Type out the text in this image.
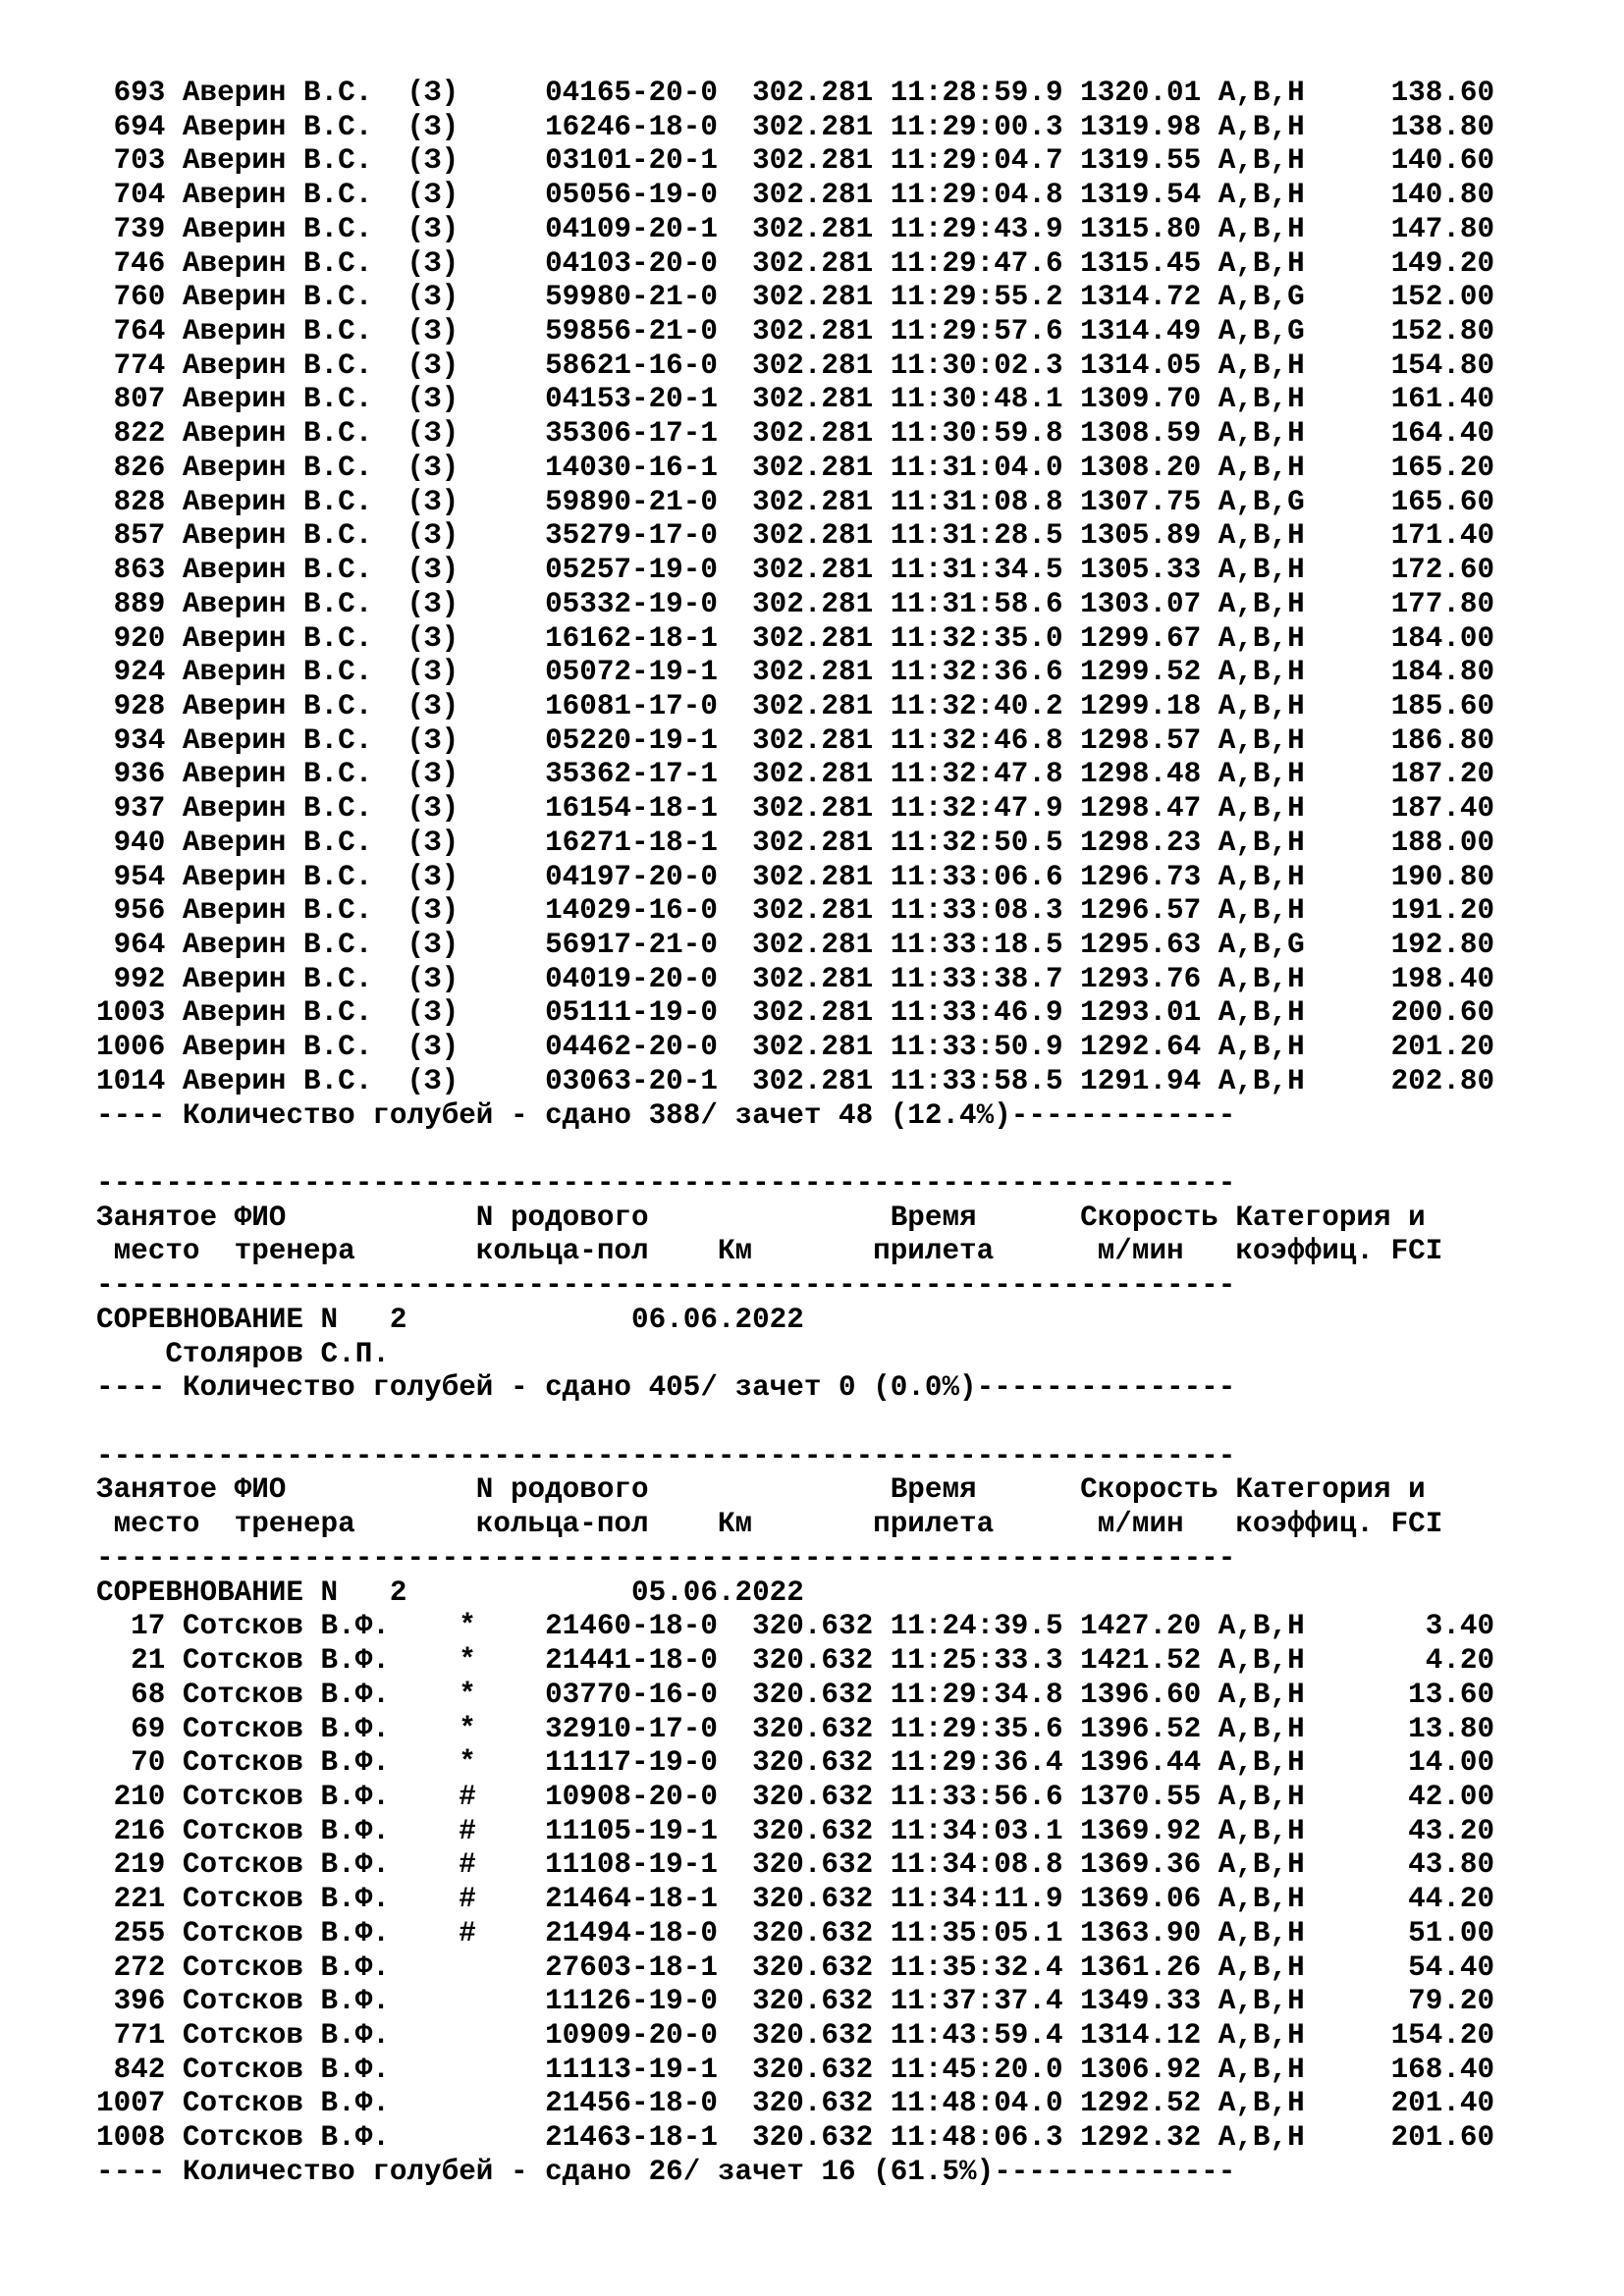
693 Аверин В.С.  (З)     04165-20-0  302.281 11:28:59.9 1320.01 A,B,H     138.60
694 Аверин В.С.  (З)     16246-18-0  302.281 11:29:00.3 1319.98 A,B,H     138.80
703 Аверин В.С.  (З)     03101-20-1  302.281 11:29:04.7 1319.55 A,B,H     140.60
704 Аверин В.С.  (З)     05056-19-0  302.281 11:29:04.8 1319.54 A,B,H     140.80
739 Аверин В.С.  (З)     04109-20-1  302.281 11:29:43.9 1315.80 A,B,H     147.80
746 Аверин В.С.  (З)     04103-20-0  302.281 11:29:47.6 1315.45 A,B,H     149.20
760 Аверин В.С.  (З)     59980-21-0  302.281 11:29:55.2 1314.72 A,B,G     152.00
764 Аверин В.С.  (З)     59856-21-0  302.281 11:29:57.6 1314.49 A,B,G     152.80
774 Аверин В.С.  (З)     58621-16-0  302.281 11:30:02.3 1314.05 A,B,H     154.80
807 Аверин В.С.  (З)     04153-20-1  302.281 11:30:48.1 1309.70 A,B,H     161.40
822 Аверин В.С.  (З)     35306-17-1  302.281 11:30:59.8 1308.59 A,B,H     164.40
826 Аверин В.С.  (З)     14030-16-1  302.281 11:31:04.0 1308.20 A,B,H     165.20
828 Аверин В.С.  (З)     59890-21-0  302.281 11:31:08.8 1307.75 A,B,G     165.60
857 Аверин В.С.  (З)     35279-17-0  302.281 11:31:28.5 1305.89 A,B,H     171.40
863 Аверин В.С.  (З)     05257-19-0  302.281 11:31:34.5 1305.33 A,B,H     172.60
889 Аверин В.С.  (З)     05332-19-0  302.281 11:31:58.6 1303.07 A,B,H     177.80
920 Аверин В.С.  (З)     16162-18-1  302.281 11:32:35.0 1299.67 A,B,H     184.00
924 Аверин В.С.  (З)     05072-19-1  302.281 11:32:36.6 1299.52 A,B,H     184.80
928 Аверин В.С.  (З)     16081-17-0  302.281 11:32:40.2 1299.18 A,B,H     185.60
934 Аверин В.С.  (З)     05220-19-1  302.281 11:32:46.8 1298.57 A,B,H     186.80
936 Аверин В.С.  (З)     35362-17-1  302.281 11:32:47.8 1298.48 A,B,H     187.20
937 Аверин В.С.  (З)     16154-18-1  302.281 11:32:47.9 1298.47 A,B,H     187.40
940 Аверин В.С.  (З)     16271-18-1  302.281 11:32:50.5 1298.23 A,B,H     188.00
954 Аверин В.С.  (З)     04197-20-0  302.281 11:33:06.6 1296.73 A,B,H     190.80
956 Аверин В.С.  (З)     14029-16-0  302.281 11:33:08.3 1296.57 A,B,H     191.20
964 Аверин В.С.  (З)     56917-21-0  302.281 11:33:18.5 1295.63 A,B,G     192.80
992 Аверин В.С.  (З)     04019-20-0  302.281 11:33:38.7 1293.76 A,B,H     198.40
1003 Аверин В.С.  (З)     05111-19-0  302.281 11:33:46.9 1293.01 A,B,H     200.60
1006 Аверин В.С.  (З)     04462-20-0  302.281 11:33:50.9 1292.64 A,B,H     201.20
1014 Аверин В.С.  (З)     03063-20-1  302.281 11:33:58.5 1291.94 A,B,H     202.80
---- Количество голубей - сдано 388/ зачет 48 (12.4%)-------------
------------------------------------------------------------------
Занятое ФИО           N родового              Время      Скорость Категория и
место  тренера       кольца-пол    Км       прилета      м/мин   коэффиц. FCI
------------------------------------------------------------------
СОРЕВНОВАНИЕ N   2             06.06.2022
Столяров С.П.
---- Количество голубей - сдано 405/ зачет 0 (0.0%)---------------
------------------------------------------------------------------
Занятое ФИО           N родового              Время      Скорость Категория и
место  тренера       кольца-пол    Км       прилета      м/мин   коэффиц. FCI
------------------------------------------------------------------
СОРЕВНОВАНИЕ N   2             05.06.2022
17 Сотсков В.Ф.    *    21460-18-0  320.632 11:24:39.5 1427.20 A,B,H       3.40
21 Сотсков В.Ф.    *    21441-18-0  320.632 11:25:33.3 1421.52 A,B,H       4.20
68 Сотсков В.Ф.    *    03770-16-0  320.632 11:29:34.8 1396.60 A,B,H      13.60
69 Сотсков В.Ф.    *    32910-17-0  320.632 11:29:35.6 1396.52 A,B,H      13.80
70 Сотсков В.Ф.    *    11117-19-0  320.632 11:29:36.4 1396.44 A,B,H      14.00
210 Сотсков В.Ф.    #    10908-20-0  320.632 11:33:56.6 1370.55 A,B,H      42.00
216 Сотсков В.Ф.    #    11105-19-1  320.632 11:34:03.1 1369.92 A,B,H      43.20
219 Сотсков В.Ф.    #    11108-19-1  320.632 11:34:08.8 1369.36 A,B,H      43.80
221 Сотсков В.Ф.    #    21464-18-1  320.632 11:34:11.9 1369.06 A,B,H      44.20
255 Сотсков В.Ф.    #    21494-18-0  320.632 11:35:05.1 1363.90 A,B,H      51.00
272 Сотсков В.Ф.         27603-18-1  320.632 11:35:32.4 1361.26 A,B,H      54.40
396 Сотсков В.Ф.         11126-19-0  320.632 11:37:37.4 1349.33 A,B,H      79.20
771 Сотсков В.Ф.         10909-20-0  320.632 11:43:59.4 1314.12 A,B,H     154.20
842 Сотсков В.Ф.         11113-19-1  320.632 11:45:20.0 1306.92 A,B,H     168.40
1007 Сотсков В.Ф.         21456-18-0  320.632 11:48:04.0 1292.52 A,B,H     201.40
1008 Сотсков В.Ф.         21463-18-1  320.632 11:48:06.3 1292.32 A,B,H     201.60
---- Количество голубей - сдано 26/ зачет 16 (61.5%)--------------
